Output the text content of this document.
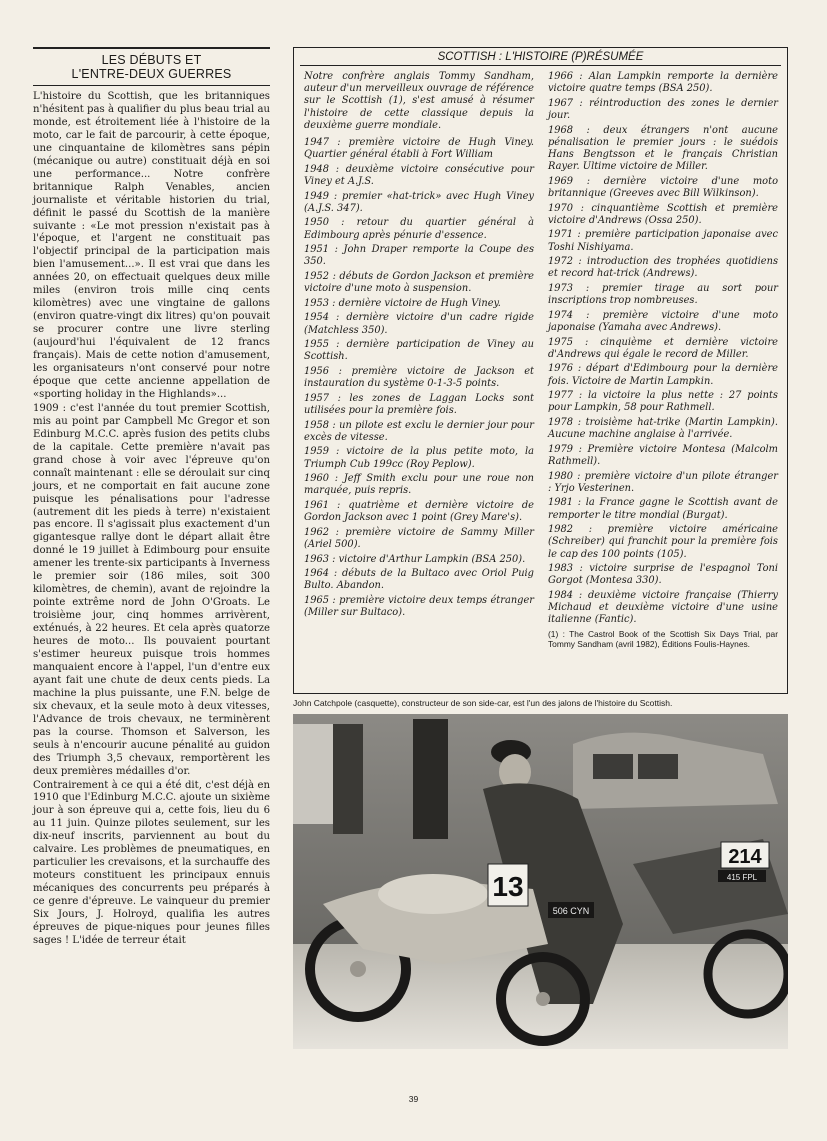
LES DÉBUTS ET
L'ENTRE-DEUX GUERRES

L'histoire du Scottish, que les britanniques n'hésitent pas à qualifier du plus beau trial au monde, est étroitement liée à l'histoire de la moto, car le fait de parcourir, à cette époque, une cinquantaine de kilomètres sans pépin (mécanique ou autre) constituait déjà en soi une performance... Notre confrère britannique Ralph Venables, ancien journaliste et véritable historien du trial, définit le passé du Scottish de la manière suivante : «Le mot pression n'existait pas à l'époque, et l'argent ne constituait pas l'objectif principal de la participation mais bien l'amusement...». Il est vrai que dans les années 20, on effectuait quelques deux mille miles (environ trois mille cinq cents kilomètres) avec une vingtaine de gallons (environ quatre-vingt dix litres) qu'on pouvait se procurer contre une livre sterling (aujourd'hui l'équivalent de 12 francs français). Mais de cette notion d'amusement, les organisateurs n'ont conservé pour notre époque que cette ancienne appellation de «sporting holiday in the Highlands»...

1909 : c'est l'année du tout premier Scottish, mis au point par Campbell Mc Gregor et son Edinburg M.C.C. après fusion des petits clubs de la capitale. Cette première n'avait pas grand chose à voir avec l'épreuve qu'on connaît maintenant : elle se déroulait sur cinq jours, et ne comportait en fait aucune zone puisque les pénalisations pour l'adresse (autrement dit les pieds à terre) n'existaient pas encore. Il s'agissait plus exactement d'un gigantesque rallye dont le départ allait être donné le 19 juillet à Edimbourg pour ensuite amener les trente-six participants à Inverness le premier soir (186 miles, soit 300 kilomètres, de chemin), avant de rejoindre la pointe extrême nord de John O'Groats. Le troisième jour, cinq hommes arrivèrent, exténués, à 22 heures. Et cela après quatorze heures de moto... Ils pouvaient pourtant s'estimer heureux puisque trois hommes manquaient encore à l'appel, l'un d'entre eux ayant fait une chute de deux cents pieds. La machine la plus puissante, une F.N. belge de six chevaux, et la seule moto à deux vitesses, l'Advance de trois chevaux, ne terminèrent pas la course. Thomson et Salverson, les seuls à n'encourir aucune pénalité au guidon des Triumph 3,5 chevaux, remportèrent les deux premières médailles d'or.

Contrairement à ce qui a été dit, c'est déjà en 1910 que l'Edinburg M.C.C. ajoute un sixième jour à son épreuve qui a, cette fois, lieu du 6 au 11 juin. Quinze pilotes seulement, sur les dix-neuf inscrits, parviennent au bout du calvaire. Les problèmes de pneumatiques, en particulier les crevaisons, et la surchauffe des moteurs constituent les principaux ennuis mécaniques des concurrents peu préparés à ce genre d'épreuve. Le vainqueur du premier Six Jours, J. Holroyd, qualifia les autres épreuves de pique-niques pour jeunes filles sages ! L'idée de terreur était

SCOTTISH : L'HISTOIRE (P)RÉSUMÉE

Notre confrère anglais Tommy Sandham, auteur d'un merveilleux ouvrage de référence sur le Scottish (1), s'est amusé à résumer l'histoire de cette classique depuis la deuxième guerre mondiale.

1947 : première victoire de Hugh Viney. Quartier général établi à Fort William

1948 : deuxième victoire consécutive pour Viney et A.J.S.

1949 : premier «hat-trick» avec Hugh Viney (A.J.S. 347).

1950 : retour du quartier général à Edimbourg après pénurie d'essence.

1951 : John Draper remporte la Coupe des 350.

1952 : débuts de Gordon Jackson et première victoire d'une moto à suspension.

1953 : dernière victoire de Hugh Viney.

1954 : dernière victoire d'un cadre rigide (Matchless 350).

1955 : dernière participation de Viney au Scottish.

1956 : première victoire de Jackson et instauration du système 0-1-3-5 points.

1957 : les zones de Laggan Locks sont utilisées pour la première fois.

1958 : un pilote est exclu le dernier jour pour excès de vitesse.

1959 : victoire de la plus petite moto, la Triumph Cub 199cc (Roy Peplow).

1960 : Jeff Smith exclu pour une roue non marquée, puis repris.

1961 : quatrième et dernière victoire de Gordon Jackson avec 1 point (Grey Mare's).

1962 : première victoire de Sammy Miller (Ariel 500).

1963 : victoire d'Arthur Lampkin (BSA 250).

1964 : débuts de la Bultaco avec Oriol Puig Bulto. Abandon.

1965 : première victoire deux temps étranger (Miller sur Bultaco).

1966 : Alan Lampkin remporte la dernière victoire quatre temps (BSA 250).

1967 : réintroduction des zones le dernier jour.

1968 : deux étrangers n'ont aucune pénalisation le premier jours : le suédois Hans Bengtsson et le français Christian Rayer. Ultime victoire de Miller.

1969 : dernière victoire d'une moto britannique (Greeves avec Bill Wilkinson).

1970 : cinquantième Scottish et première victoire d'Andrews (Ossa 250).

1971 : première participation japonaise avec Toshi Nishiyama.

1972 : introduction des trophées quotidiens et record hat-trick (Andrews).

1973 : premier tirage au sort pour inscriptions trop nombreuses.

1974 : première victoire d'une moto japonaise (Yamaha avec Andrews).

1975 : cinquième et dernière victoire d'Andrews qui égale le record de Miller.

1976 : départ d'Edimbourg pour la dernière fois. Victoire de Martin Lampkin.

1977 : la victoire la plus nette : 27 points pour Lampkin, 58 pour Rathmell.

1978 : troisième hat-trike (Martin Lampkin). Aucune machine anglaise à l'arrivée.

1979 : Première victoire Montesa (Malcolm Rathmell).

1980 : première victoire d'un pilote étranger : Yrjo Vesterinen.

1981 : la France gagne le Scottish avant de remporter le titre mondial (Burgat).

1982 : première victoire américaine (Schreiber) qui franchit pour la première fois le cap des 100 points (105).

1983 : victoire surprise de l'espagnol Toni Gorgot (Montesa 330).

1984 : deuxième victoire française (Thierry Michaud et deuxième victoire d'une usine italienne (Fantic).

(1) : The Castrol Book of the Scottish Six Days Trial, par Tommy Sandham (avril 1982), Éditions Foulis-Haynes.
John Catchpole (casquette), constructeur de son side-car, est l'un des jalons de l'histoire du Scottish.
13
506 CYN
214
415 FPL
39
